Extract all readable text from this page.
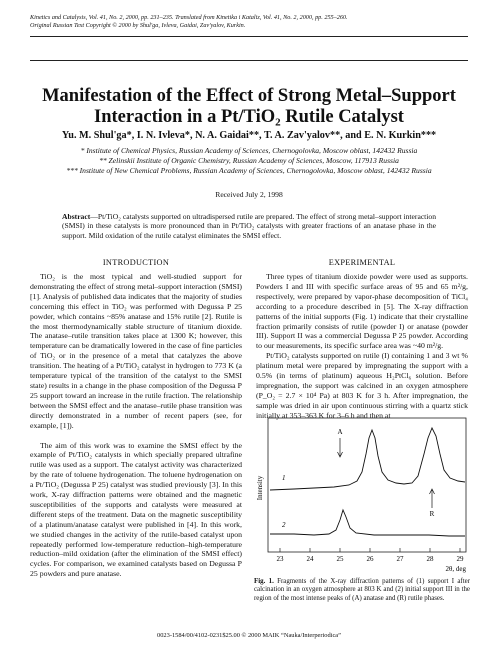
Kinetics and Catalysis, Vol. 41, No. 2, 2000, pp. 231–235. Translated from Kinetika i Kataliz, Vol. 41, No. 2, 2000, pp. 255–260.
Original Russian Text Copyright © 2000 by Shul'ga, Ivleva, Gaidai, Zav'yalov, Kurkin.
Manifestation of the Effect of Strong Metal–Support Interaction in a Pt/TiO₂ Rutile Catalyst
Yu. M. Shul'ga*, I. N. Ivleva*, N. A. Gaidai**, T. A. Zav'yalov**, and E. N. Kurkin***
* Institute of Chemical Physics, Russian Academy of Sciences, Chernogolovka, Moscow oblast, 142432 Russia
** Zelinskii Institute of Organic Chemistry, Russian Academy of Sciences, Moscow, 117913 Russia
*** Institute of New Chemical Problems, Russian Academy of Sciences, Chernogolovka, Moscow oblast, 142432 Russia
Received July 2, 1998
Abstract—Pt/TiO₂ catalysts supported on ultradispersed rutile are prepared. The effect of strong metal–support interaction (SMSI) in these catalysts is more pronounced than in Pt/TiO₂ catalysts with greater fractions of an anatase phase in the support. Mild oxidation of the rutile catalyst eliminates the SMSI effect.
INTRODUCTION	EXPERIMENTAL

TiO₂ is the most typical and well-studied support for demonstrating the effect of strong metal–support interaction (SMSI) [1]. Analysis of published data indicates that the majority of studies concerning this effect in TiO₂ was performed with Degussa P 25 powder, which contains ~85% anatase and 15% rutile [2]. Rutile is the most thermodynamically stable structure of titanium dioxide. The anatase–rutile transition takes place at 1300 K; however, this temperature can be dramatically lowered in the case of fine particles of TiO₂ or in the presence of a metal that catalyzes the above transition. The heating of a Pt/TiO₂ catalyst in hydrogen to 773 K (a temperature typical of the transition of the catalyst to the SMSI state) results in a change in the phase composition of the Degussa P 25 support toward an increase in the rutile fraction. The relationship between the SMSI effect and the anatase–rutile phase transition was directly demonstrated in a number of recent papers (see, for example, [1]).

The aim of this work was to examine the SMSI effect by the example of Pt/TiO₂ catalysts in which specially prepared ultrafine rutile was used as a support. The catalyst activity was characterized by the rate of toluene hydrogenation. The toluene hydrogenation on a Pt/TiO₂ (Degussa P 25) catalyst was studied previously [3]. In this work, X-ray diffraction patterns were obtained and the magnetic susceptibilities of the supports and catalysts were measured at different steps of the treatment. Data on the magnetic susceptibility of a platinum/anatase catalyst were published in [4]. In this work, we studied changes in the activity of the rutile-based catalyst upon repeatedly performed low-temperature reduction–high-temperature reduction–mild oxidation (after the elimination of the SMSI effect) cycles. For comparison, we examined catalysts based on Degussa P 25 powders and pure anatase.

Three types of titanium dioxide powder were used as supports. Powders I and III with specific surface areas of 95 and 65 m²/g, respectively, were prepared by vapor-phase decomposition of TiCl₄ according to a procedure described in [5]. The X-ray diffraction patterns of the initial supports (Fig. 1) indicate that their crystalline fraction primarily consists of rutile (powder I) or anatase (powder III). Support II was a commercial Degussa P 25 powder. According to our measurements, its specific surface area was ~40 m²/g.

Pt/TiO₂ catalysts supported on rutile (I) containing 1 and 3 wt % platinum metal were prepared by impregnating the support with a 0.5% (in terms of platinum) aqueous H₂PtCl₆ solution. Before impregnation, the support was calcined in an oxygen atmosphere (P_O₂ = 2.7 × 10⁴ Pa) at 803 K for 3 h. After impregnation, the sample was dried in air upon continuous stirring with a quartz stick initially at 353–363 K for 3–6 h and then at

Intensity	1
2
A
R
23	24	25	26	27	28	29
2θ, deg
Fig. 1. Fragments of the X-ray diffraction patterns of (1) support I after calcination in an oxygen atmosphere at 803 K and (2) initial support III in the region of the most intense peaks of (A) anatase and (R) rutile phases.
0023-1584/00/4102-0231$25.00 © 2000 MAIK “Nauka/Interperiodica”
